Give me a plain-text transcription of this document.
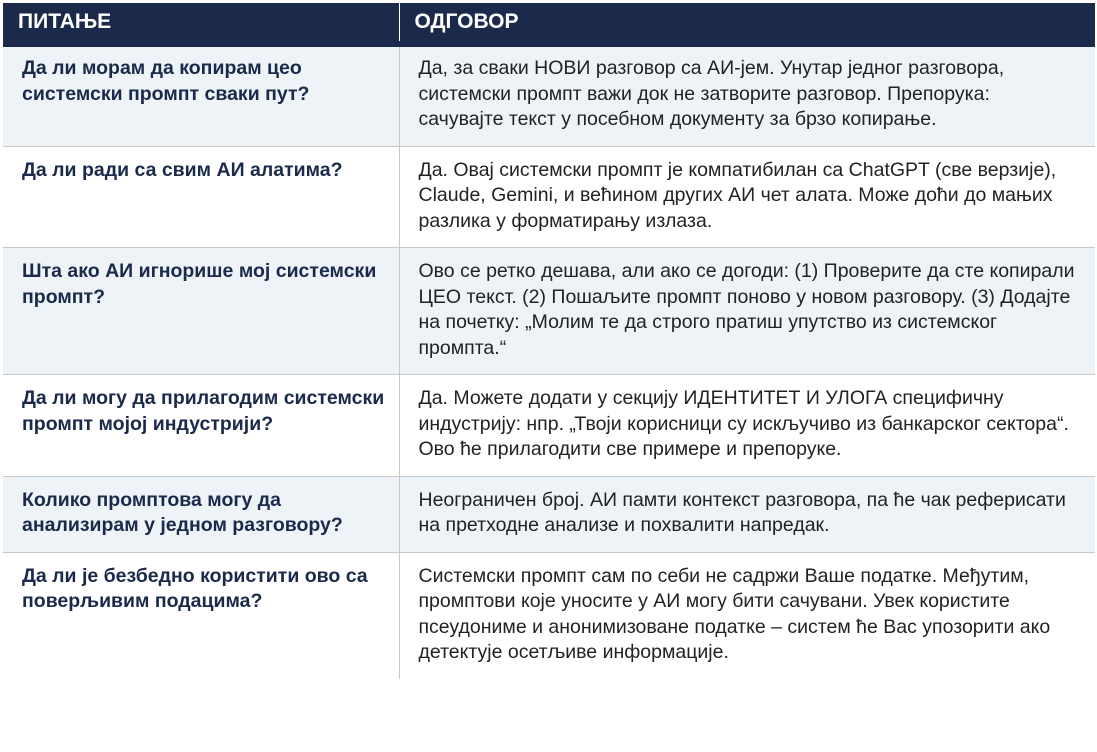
ПИТАЊЕ	ОДГОВОР
Да ли морам да копирам цео системски промпт сваки пут?	Да, за сваки НОВИ разговор са АИ-јем. Унутар једног разговора, системски промпт важи док не затворите разговор. Препорука: сачувајте текст у посебном документу за брзо копирање.
Да ли ради са свим АИ алатима?	Да. Овај системски промпт је компатибилан са ChatGPT (све верзије), Claude, Gemini, и већином других АИ чет алата. Може доћи до мањих разлика у форматирању излаза.
Шта ако АИ игнорише мој системски промпт?	Ово се ретко дешава, али ако се догоди: (1) Проверите да сте копирали ЦЕО текст. (2) Пошаљите промпт поново у новом разговору. (3) Додајте на почетку: „Молим те да строго пратиш упутство из системског промпта.“
Да ли могу да прилагодим системски промпт мојој индустрији?	Да. Можете додати у секцију ИДЕНТИТЕТ И УЛОГА специфичну индустрију: нпр. „Твоји корисници су искључиво из банкарског сектора“. Ово ће прилагодити све примере и препоруке.
Колико промптова могу да анализирам у једном разговору?	Неограничен број. АИ памти контекст разговора, па ће чак реферисати на претходне анализе и похвалити напредак.
Да ли је безбедно користити ово са поверљивим подацима?	Системски промпт сам по себи не садржи Ваше податке. Међутим, промптови које уносите у АИ могу бити сачувани. Увек користите псеудониме и анонимизоване податке – систем ће Вас упозорити ако детектује осетљиве информације.
